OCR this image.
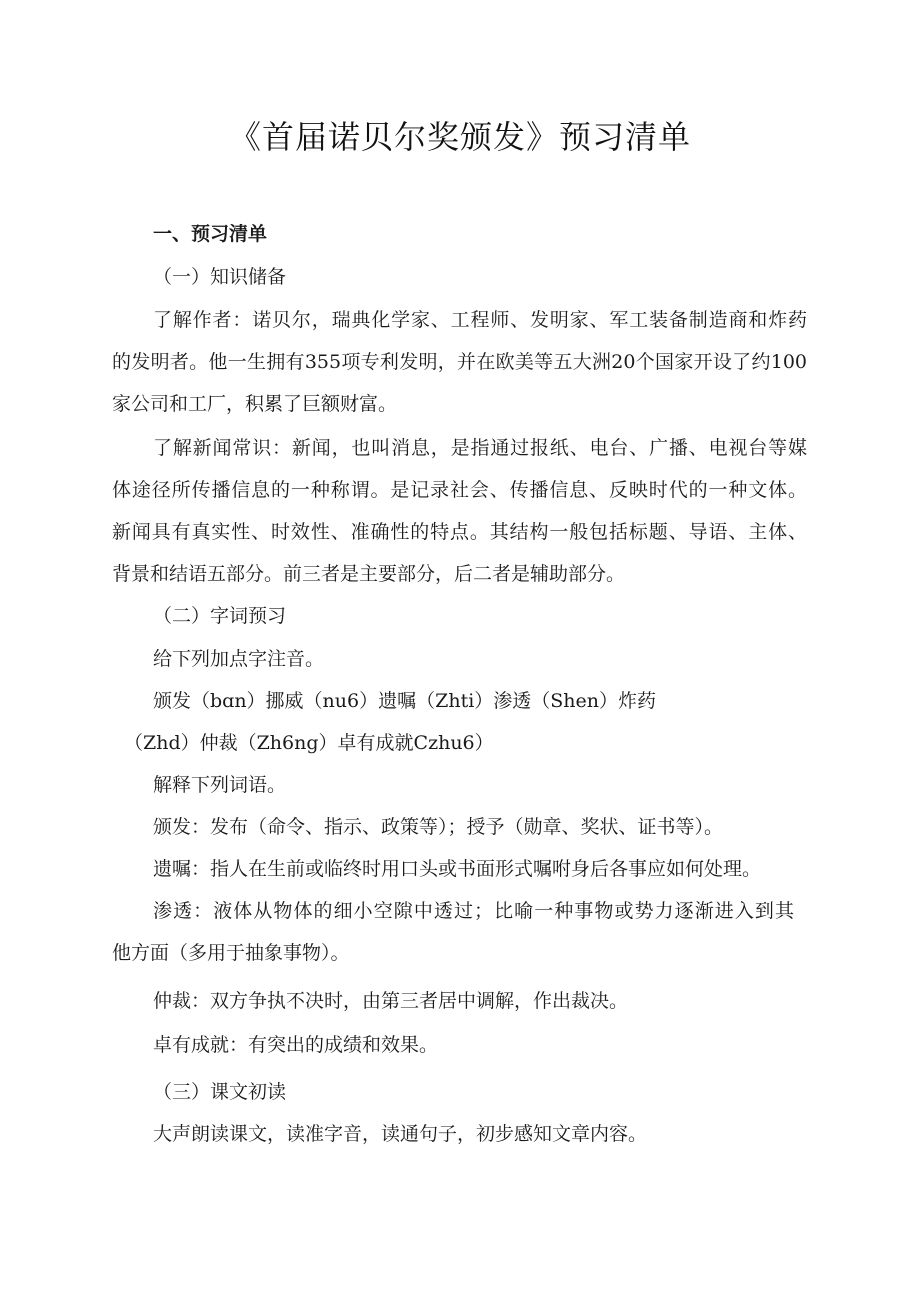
《首届诺贝尔奖颁发》预习清单
一、预习清单
（一）知识储备
了解作者：诺贝尔，瑞典化学家、工程师、发明家、军工装备制造商和炸药
的发明者。他一生拥有355项专利发明，并在欧美等五大洲20个国家开设了约100
家公司和工厂，积累了巨额财富。
了解新闻常识：新闻，也叫消息，是指通过报纸、电台、广播、电视台等媒
体途径所传播信息的一种称谓。是记录社会、传播信息、反映时代的一种文体。
新闻具有真实性、时效性、准确性的特点。其结构一般包括标题、导语、主体、
背景和结语五部分。前三者是主要部分，后二者是辅助部分。
（二）字词预习
给下列加点字注音。
颁发（bɑn）挪威（nu6）遗嘱（Zhti）渗透（Shen）炸药
（Zhd）仲裁（Zh6ng）卓有成就Czhu6）
解释下列词语。
颁发：发布（命令、指示、政策等）；授予（勋章、奖状、证书等）。
遗嘱：指人在生前或临终时用口头或书面形式嘱咐身后各事应如何处理。
渗透：液体从物体的细小空隙中透过；比喻一种事物或势力逐渐进入到其
他方面（多用于抽象事物）。
仲裁：双方争执不决时，由第三者居中调解，作出裁决。
卓有成就：有突出的成绩和效果。
（三）课文初读
大声朗读课文，读准字音，读通句子，初步感知文章内容。
